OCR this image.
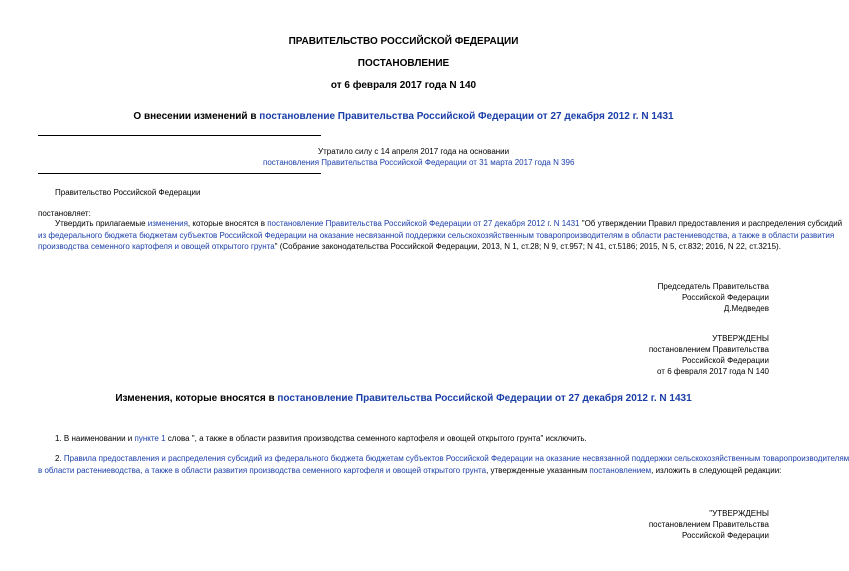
ПРАВИТЕЛЬСТВО РОССИЙСКОЙ ФЕДЕРАЦИИ
ПОСТАНОВЛЕНИЕ
от 6 февраля 2017 года N 140
О внесении изменений в постановление Правительства Российской Федерации от 27 декабря 2012 г. N 1431
Утратило силу с 14 апреля 2017 года на основании
постановления Правительства Российской Федерации от 31 марта 2017 года N 396
Правительство Российской Федерации
постановляет:
Утвердить прилагаемые изменения, которые вносятся в постановление Правительства Российской Федерации от 27 декабря 2012 г. N 1431 "Об утверждении Правил предоставления и распределения субсидий
из федерального бюджета бюджетам субъектов Российской Федерации на оказание несвязанной поддержки сельскохозяйственным товаропроизводителям в области растениеводства, а также в области развития
производства семенного картофеля и овощей открытого грунта" (Собрание законодательства Российской Федерации, 2013, N 1, ст.28; N 9, ст.957; N 41, ст.5186; 2015, N 5, ст.832; 2016, N 22, ст.3215).
Председатель Правительства
Российской Федерации
Д.Медведев
УТВЕРЖДЕНЫ
постановлением Правительства
Российской Федерации
от 6 февраля 2017 года N 140
Изменения, которые вносятся в постановление Правительства Российской Федерации от 27 декабря 2012 г. N 1431
1. В наименовании и пункте 1 слова ", а также в области развития производства семенного картофеля и овощей открытого грунта" исключить.
2. Правила предоставления и распределения субсидий из федерального бюджета бюджетам субъектов Российской Федерации на оказание несвязанной поддержки сельскохозяйственным товаропроизводителям
в области растениеводства, а также в области развития производства семенного картофеля и овощей открытого грунта, утвержденные указанным постановлением, изложить в следующей редакции:
"УТВЕРЖДЕНЫ
постановлением Правительства
Российской Федерации
